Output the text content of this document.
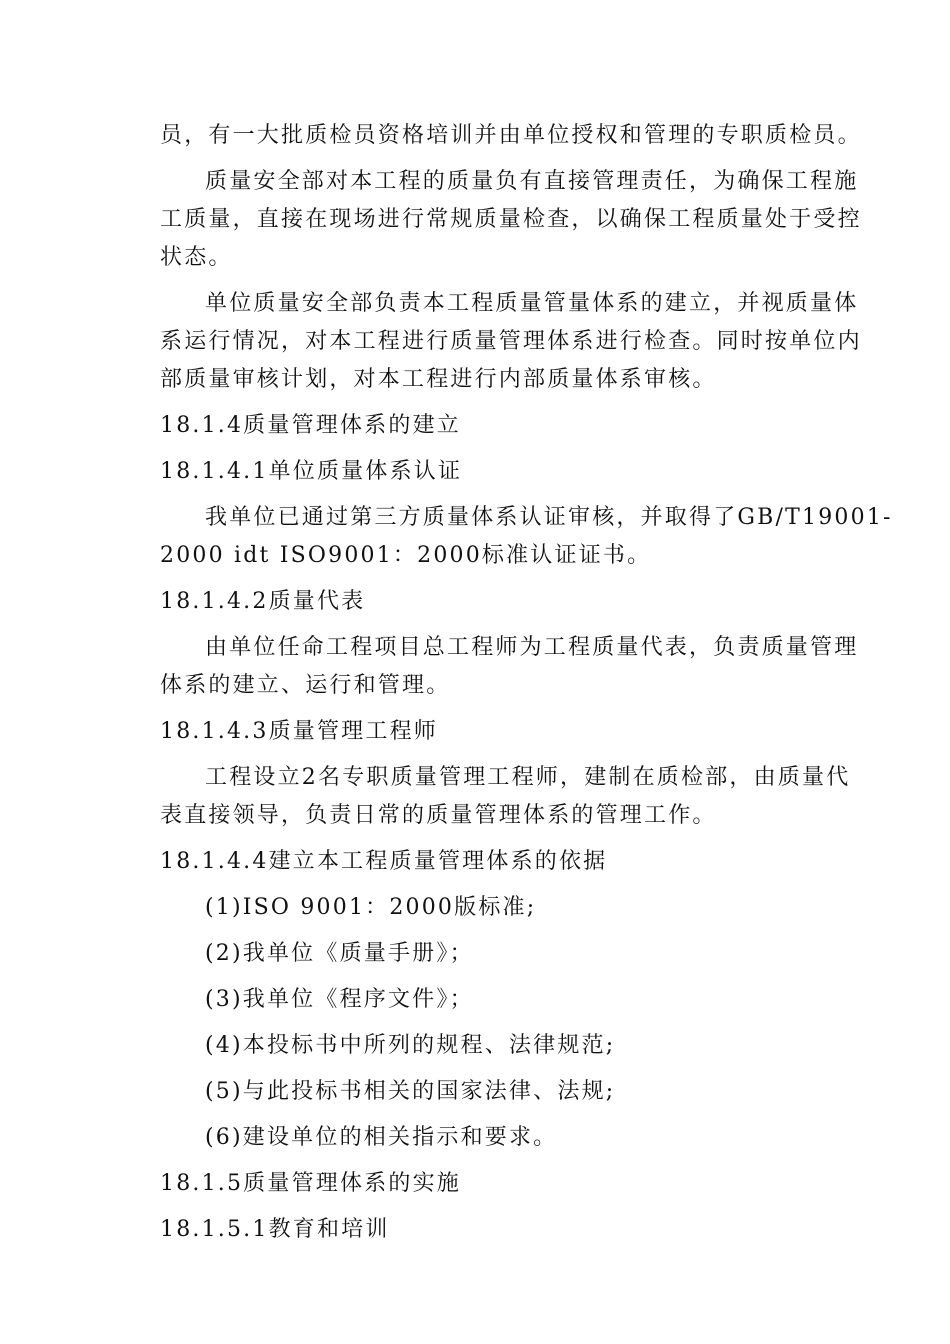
员，有一大批质检员资格培训并由单位授权和管理的专职质检员。

质量安全部对本工程的质量负有直接管理责任，为确保工程施

工质量，直接在现场进行常规质量检查，以确保工程质量处于受控

状态。

单位质量安全部负责本工程质量管量体系的建立，并视质量体

系运行情况，对本工程进行质量管理体系进行检查。同时按单位内

部质量审核计划，对本工程进行内部质量体系审核。

18.1.4质量管理体系的建立

18.1.4.1单位质量体系认证

我单位已通过第三方质量体系认证审核，并取得了GB/T19001-

2000 idt ISO9001：2000标准认证证书。

18.1.4.2质量代表

由单位任命工程项目总工程师为工程质量代表，负责质量管理

体系的建立、运行和管理。

18.1.4.3质量管理工程师

工程设立2名专职质量管理工程师，建制在质检部，由质量代

表直接领导，负责日常的质量管理体系的管理工作。

18.1.4.4建立本工程质量管理体系的依据

(1)ISO 9001：2000版标准;

(2)我单位《质量手册》；

(3)我单位《程序文件》；

(4)本投标书中所列的规程、法律规范;

(5)与此投标书相关的国家法律、法规;

(6)建设单位的相关指示和要求。

18.1.5质量管理体系的实施

18.1.5.1教育和培训
